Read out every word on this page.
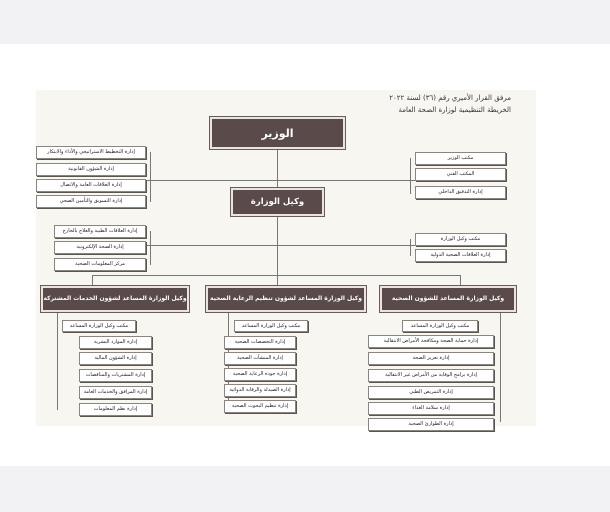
مرفق القرار الأميري رقم (٣٦) لسنة ٢٠٢٢
الخريطة التنظيمية لوزارة الصحة العامة
الوزير
وكيل الوزارة
إدارة التخطيط الاستراتيجي والأداء والابتكار
إدارة الشؤون القانونية
إدارة العلاقات العامة والاتصال
إدارة التسويق والتأمين الصحي
مكتب الوزير
المكتب الفني
إدارة التدقيق الداخلي
إدارة العلاقات الطبية والعلاج بالخارج
إدارة الصحة الإلكترونية
مركز المعلومات الصحية
مكتب وكيل الوزارة
إدارة العلاقات الصحية الدولية
وكيل الوزارة المساعد لشؤون الخدمات المشتركة	وكيل الوزارة المساعد لشؤون تنظيم الرعاية الصحية	وكيل الوزارة المساعد للشؤون الصحية
مكتب وكيل الوزارة المساعد
إدارة الموارد البشرية
إدارة الشؤون المالية
إدارة المشتريات والمناقصات
إدارة المرافق والخدمات العامة
إدارة نظم المعلومات
مكتب وكيل الوزارة المساعد
إدارة التخصصات الصحية
إدارة المنشآت الصحية
إدارة جودة الرعاية الصحية
إدارة الصيدلة والرقابة الدوائية
إدارة تنظيم البحوث الصحية
مكتب وكيل الوزارة المساعد
إدارة حماية الصحة ومكافحة الأمراض الانتقالية
إدارة تعزيز الصحة
إدارة برامج الوقاية من الأمراض غير الانتقالية
إدارة التمريض الطبي
إدارة سلامة الغذاء
إدارة الطوارئ الصحية
